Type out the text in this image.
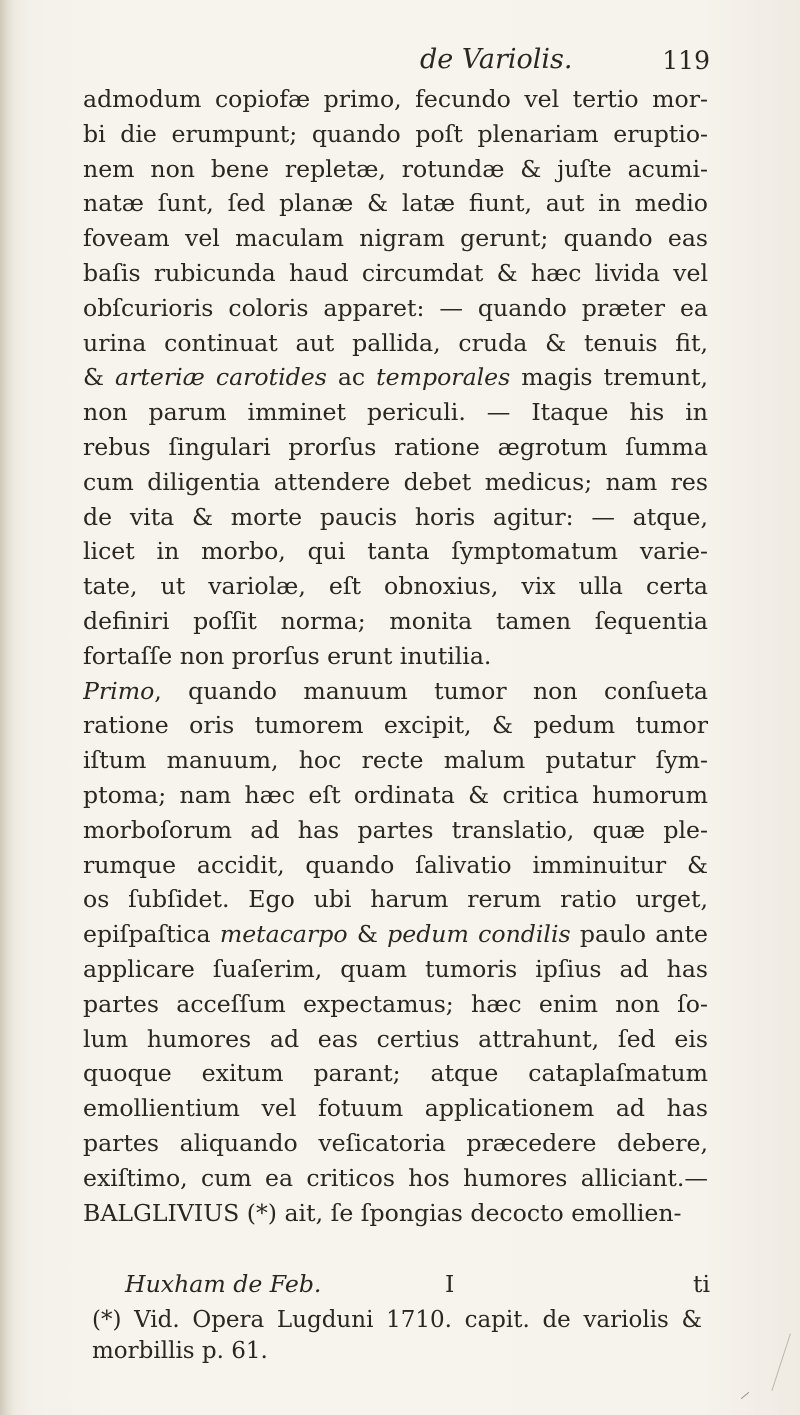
de Variolis.	119
admodum copiofæ primo, fecundo vel tertio mor-
bi die erumpunt; quando poſt plenariam eruptio-
nem non bene repletæ, rotundæ & juſte acumi-
natæ ſunt, ſed planæ & latæ fiunt, aut in medio
foveam vel maculam nigram gerunt; quando eas
baſis rubicunda haud circumdat & hæc livida vel
obſcurioris coloris apparet: — quando præter ea
urina continuat aut pallida, cruda & tenuis fit,
& arteriæ carotides ac temporales magis tremunt,
non parum imminet periculi. — Itaque his in
rebus ſingulari prorſus ratione ægrotum ſumma
cum diligentia attendere debet medicus; nam res
de vita & morte paucis horis agitur: — atque,
licet in morbo, qui tanta ſymptomatum varie-
tate, ut variolæ, eſt obnoxius, vix ulla certa
definiri poſſit norma; monita tamen ſequentia
fortaſſe non prorſus erunt inutilia.
Primo, quando manuum tumor non conſueta
ratione oris tumorem excipit, & pedum tumor
iſtum manuum, hoc recte malum putatur ſym-
ptoma; nam hæc eſt ordinata & critica humorum
morboſorum ad has partes translatio, quæ ple-
rumque accidit, quando ſalivatio imminuitur &
os ſubſidet. Ego ubi harum rerum ratio urget,
epiſpaſtica metacarpo & pedum condilis paulo ante
applicare ſuaſerim, quam tumoris ipſius ad has
partes acceſſum expectamus; hæc enim non ſo-
lum humores ad eas certius attrahunt, ſed eis
quoque exitum parant; atque cataplaſmatum
emollientium vel fotuum applicationem ad has
partes aliquando veſicatoria præcedere debere,
exiſtimo, cum ea criticos hos humores alliciant.—
BALGLIVIUS (*) ait, ſe ſpongias decocto emollien-
Huxham de Feb.	I	ti
(*) Vid. Opera Lugduni 1710. capit. de variolis &
morbillis p. 61.
